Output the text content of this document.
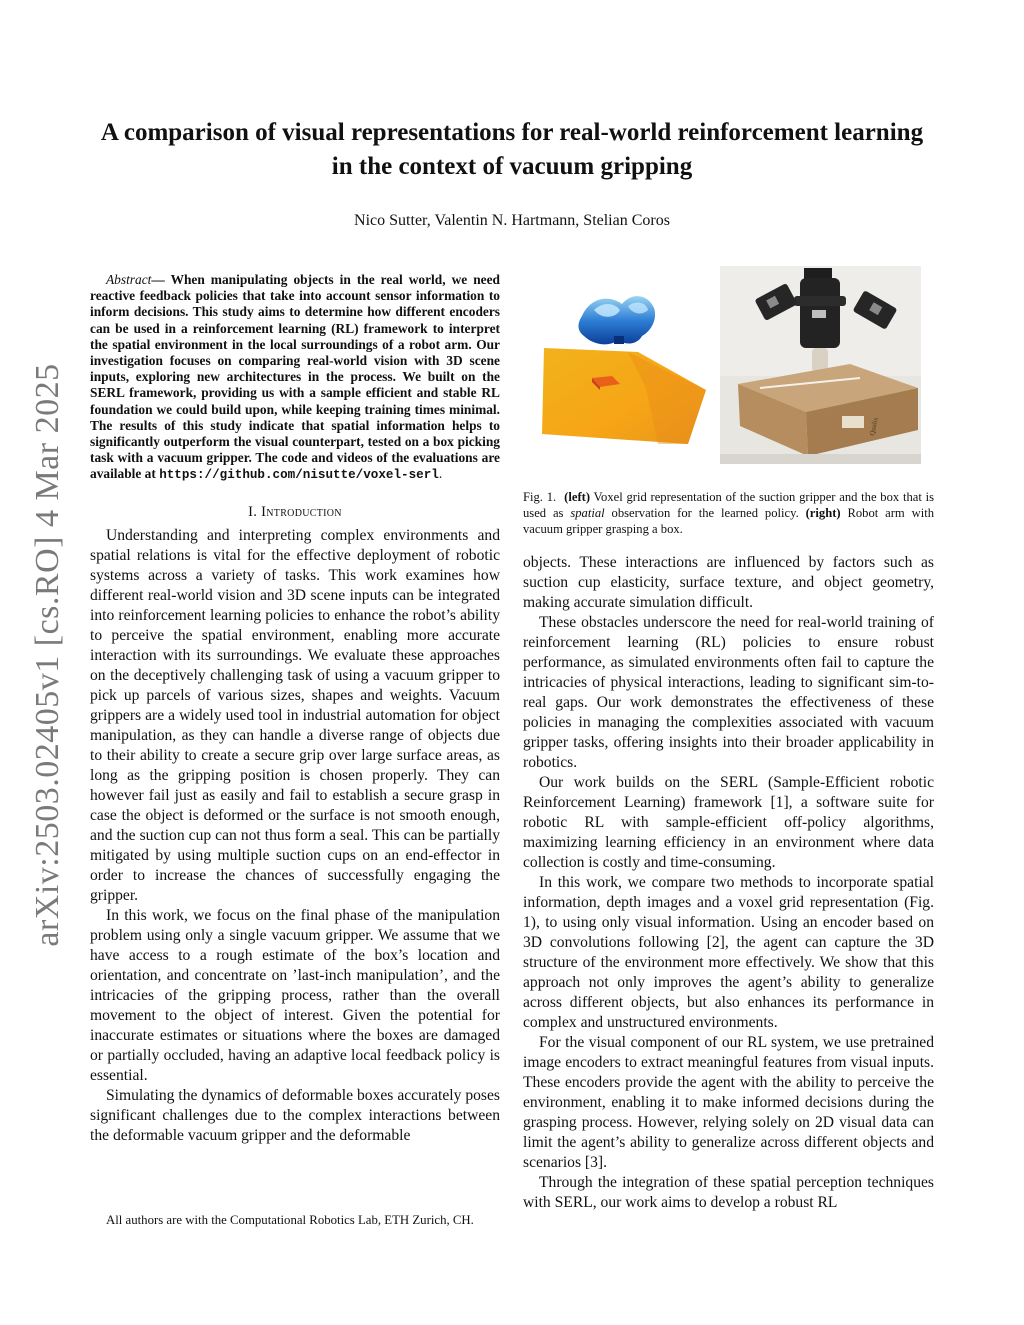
arXiv:2503.02405v1 [cs.RO] 4 Mar 2025
A comparison of visual representations for real-world reinforcement learning in the context of vacuum gripping
Nico Sutter, Valentin N. Hartmann, Stelian Coros

Abstract— When manipulating objects in the real world, we need reactive feedback policies that take into account sensor information to inform decisions. This study aims to determine how different encoders can be used in a reinforcement learning (RL) framework to interpret the spatial environment in the local surroundings of a robot arm. Our investigation focuses on comparing real-world vision with 3D scene inputs, exploring new architectures in the process. We built on the SERL framework, providing us with a sample efficient and stable RL foundation we could build upon, while keeping training times minimal. The results of this study indicate that spatial information helps to significantly outperform the visual counterpart, tested on a box picking task with a vacuum gripper. The code and videos of the evaluations are available at https://github.com/nisutte/voxel-serl.

I. Introduction

Understanding and interpreting complex environments and spatial relations is vital for the effective deployment of robotic systems across a variety of tasks. This work examines how different real-world vision and 3D scene inputs can be integrated into reinforcement learning policies to enhance the robot’s ability to perceive the spatial environment, enabling more accurate interaction with its surroundings. We evaluate these approaches on the deceptively challenging task of using a vacuum gripper to pick up parcels of various sizes, shapes and weights. Vacuum grippers are a widely used tool in industrial automation for object manipulation, as they can handle a diverse range of objects due to their ability to create a secure grip over large surface areas, as long as the gripping position is chosen properly. They can however fail just as easily and fail to establish a secure grasp in case the object is deformed or the surface is not smooth enough, and the suction cup can not thus form a seal. This can be partially mitigated by using multiple suction cups on an end-effector in order to increase the chances of successfully engaging the gripper.

In this work, we focus on the final phase of the manipulation problem using only a single vacuum gripper. We assume that we have access to a rough estimate of the box’s location and orientation, and concentrate on ’last-inch manipulation’, and the intricacies of the gripping process, rather than the overall movement to the object of interest. Given the potential for inaccurate estimates or situations where the boxes are damaged or partially occluded, having an adaptive local feedback policy is essential.

Simulating the dynamics of deformable boxes accurately poses significant challenges due to the complex interactions between the deformable vacuum gripper and the deformable

All authors are with the Computational Robotics Lab, ETH Zurich, CH.
Qualis
Fig. 1. (left) Voxel grid representation of the suction gripper and the box that is used as spatial observation for the learned policy. (right) Robot arm with vacuum gripper grasping a box.

objects. These interactions are influenced by factors such as suction cup elasticity, surface texture, and object geometry, making accurate simulation difficult.

These obstacles underscore the need for real-world training of reinforcement learning (RL) policies to ensure robust performance, as simulated environments often fail to capture the intricacies of physical interactions, leading to significant sim-to-real gaps. Our work demonstrates the effectiveness of these policies in managing the complexities associated with vacuum gripper tasks, offering insights into their broader applicability in robotics.

Our work builds on the SERL (Sample-Efficient robotic Reinforcement Learning) framework [1], a software suite for robotic RL with sample-efficient off-policy algorithms, maximizing learning efficiency in an environment where data collection is costly and time-consuming.

In this work, we compare two methods to incorporate spatial information, depth images and a voxel grid representation (Fig. 1), to using only visual information. Using an encoder based on 3D convolutions following [2], the agent can capture the 3D structure of the environment more effectively. We show that this approach not only improves the agent’s ability to generalize across different objects, but also enhances its performance in complex and unstructured environments.

For the visual component of our RL system, we use pretrained image encoders to extract meaningful features from visual inputs. These encoders provide the agent with the ability to perceive the environment, enabling it to make informed decisions during the grasping process. However, relying solely on 2D visual data can limit the agent’s ability to generalize across different objects and scenarios [3].

Through the integration of these spatial perception techniques with SERL, our work aims to develop a robust RL
